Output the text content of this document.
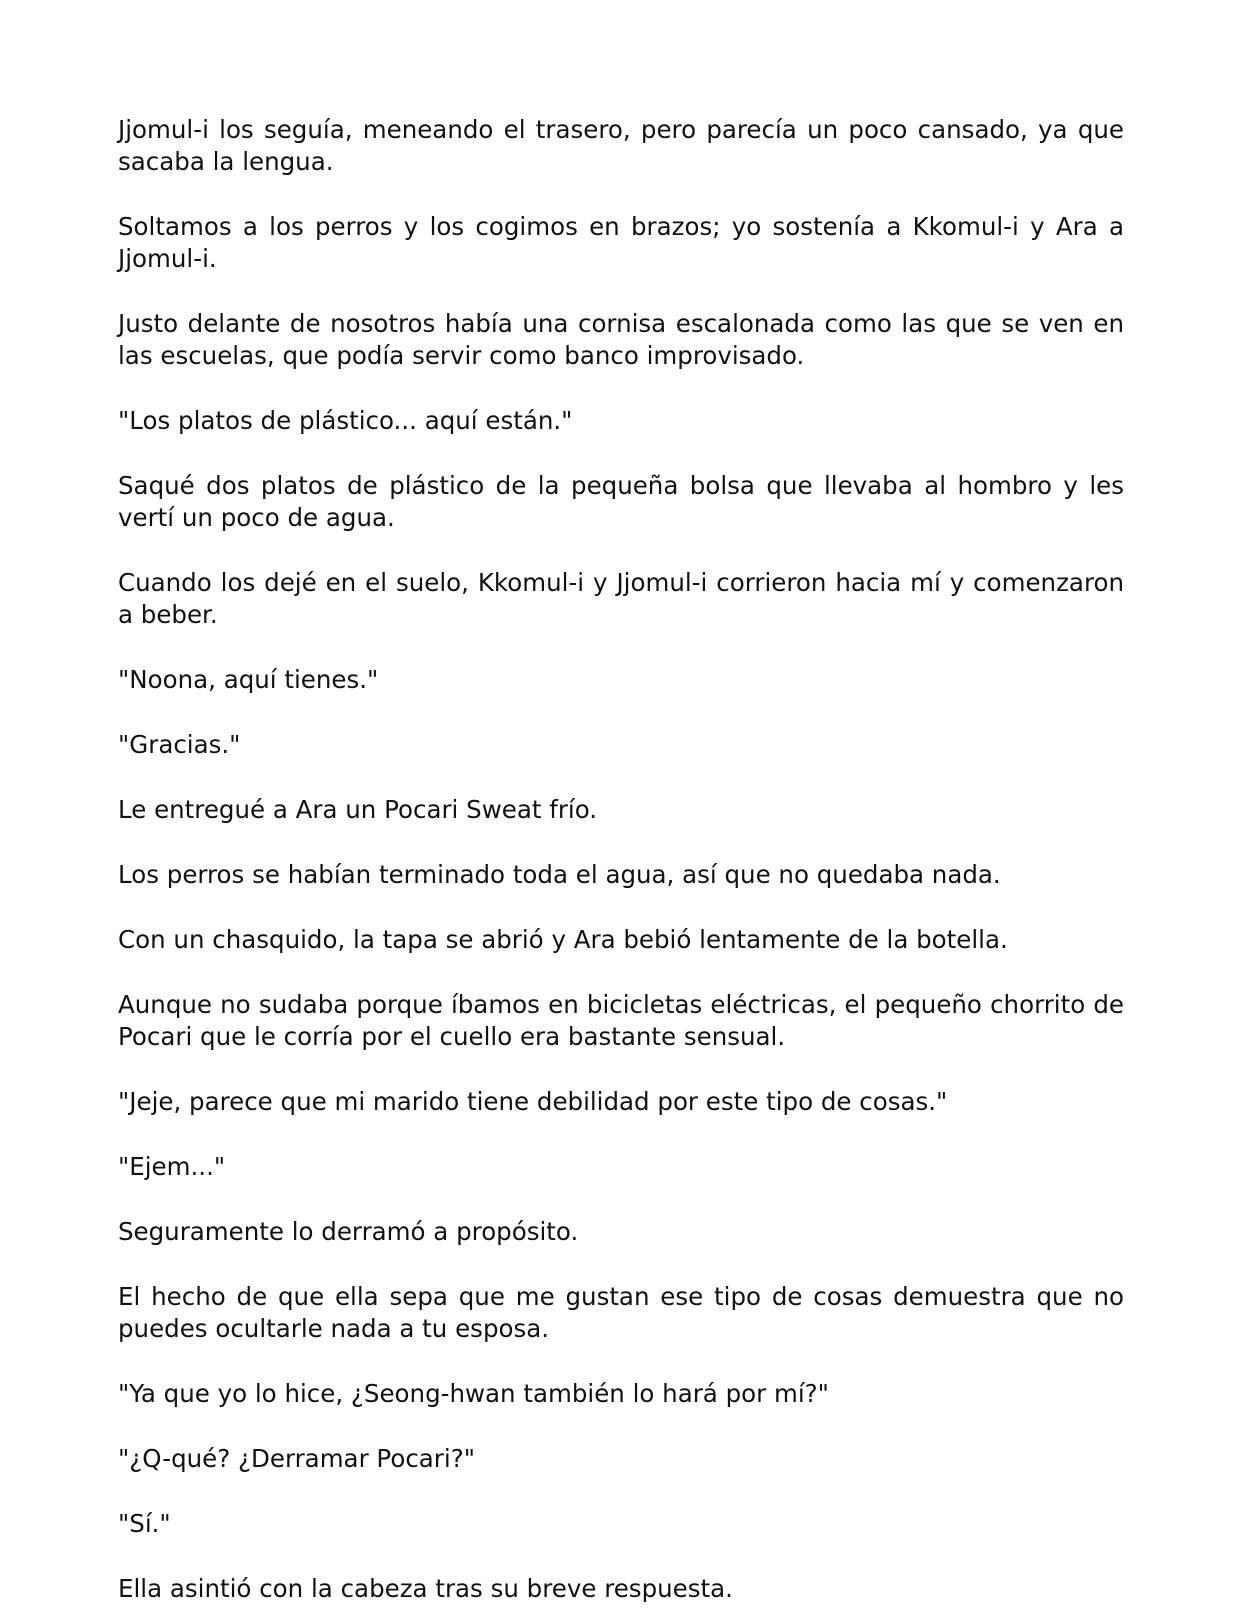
Jjomul-i los seguía, meneando el trasero, pero parecía un poco cansado, ya que sacaba la lengua.

Soltamos a los perros y los cogimos en brazos; yo sostenía a Kkomul-i y Ara a Jjomul-i.

Justo delante de nosotros había una cornisa escalonada como las que se ven en las escuelas, que podía servir como banco improvisado.

"Los platos de plástico... aquí están."

Saqué dos platos de plástico de la pequeña bolsa que llevaba al hombro y les vertí un poco de agua.

Cuando los dejé en el suelo, Kkomul-i y Jjomul-i corrieron hacia mí y comenzaron a beber.

"Noona, aquí tienes."

"Gracias."

Le entregué a Ara un Pocari Sweat frío.

Los perros se habían terminado toda el agua, así que no quedaba nada.

Con un chasquido, la tapa se abrió y Ara bebió lentamente de la botella.

Aunque no sudaba porque íbamos en bicicletas eléctricas, el pequeño chorrito de Pocari que le corría por el cuello era bastante sensual.

"Jeje, parece que mi marido tiene debilidad por este tipo de cosas."

"Ejem..."

Seguramente lo derramó a propósito.

El hecho de que ella sepa que me gustan ese tipo de cosas demuestra que no puedes ocultarle nada a tu esposa.

"Ya que yo lo hice, ¿Seong-hwan también lo hará por mí?"

"¿Q-qué? ¿Derramar Pocari?"

"Sí."

Ella asintió con la cabeza tras su breve respuesta.
